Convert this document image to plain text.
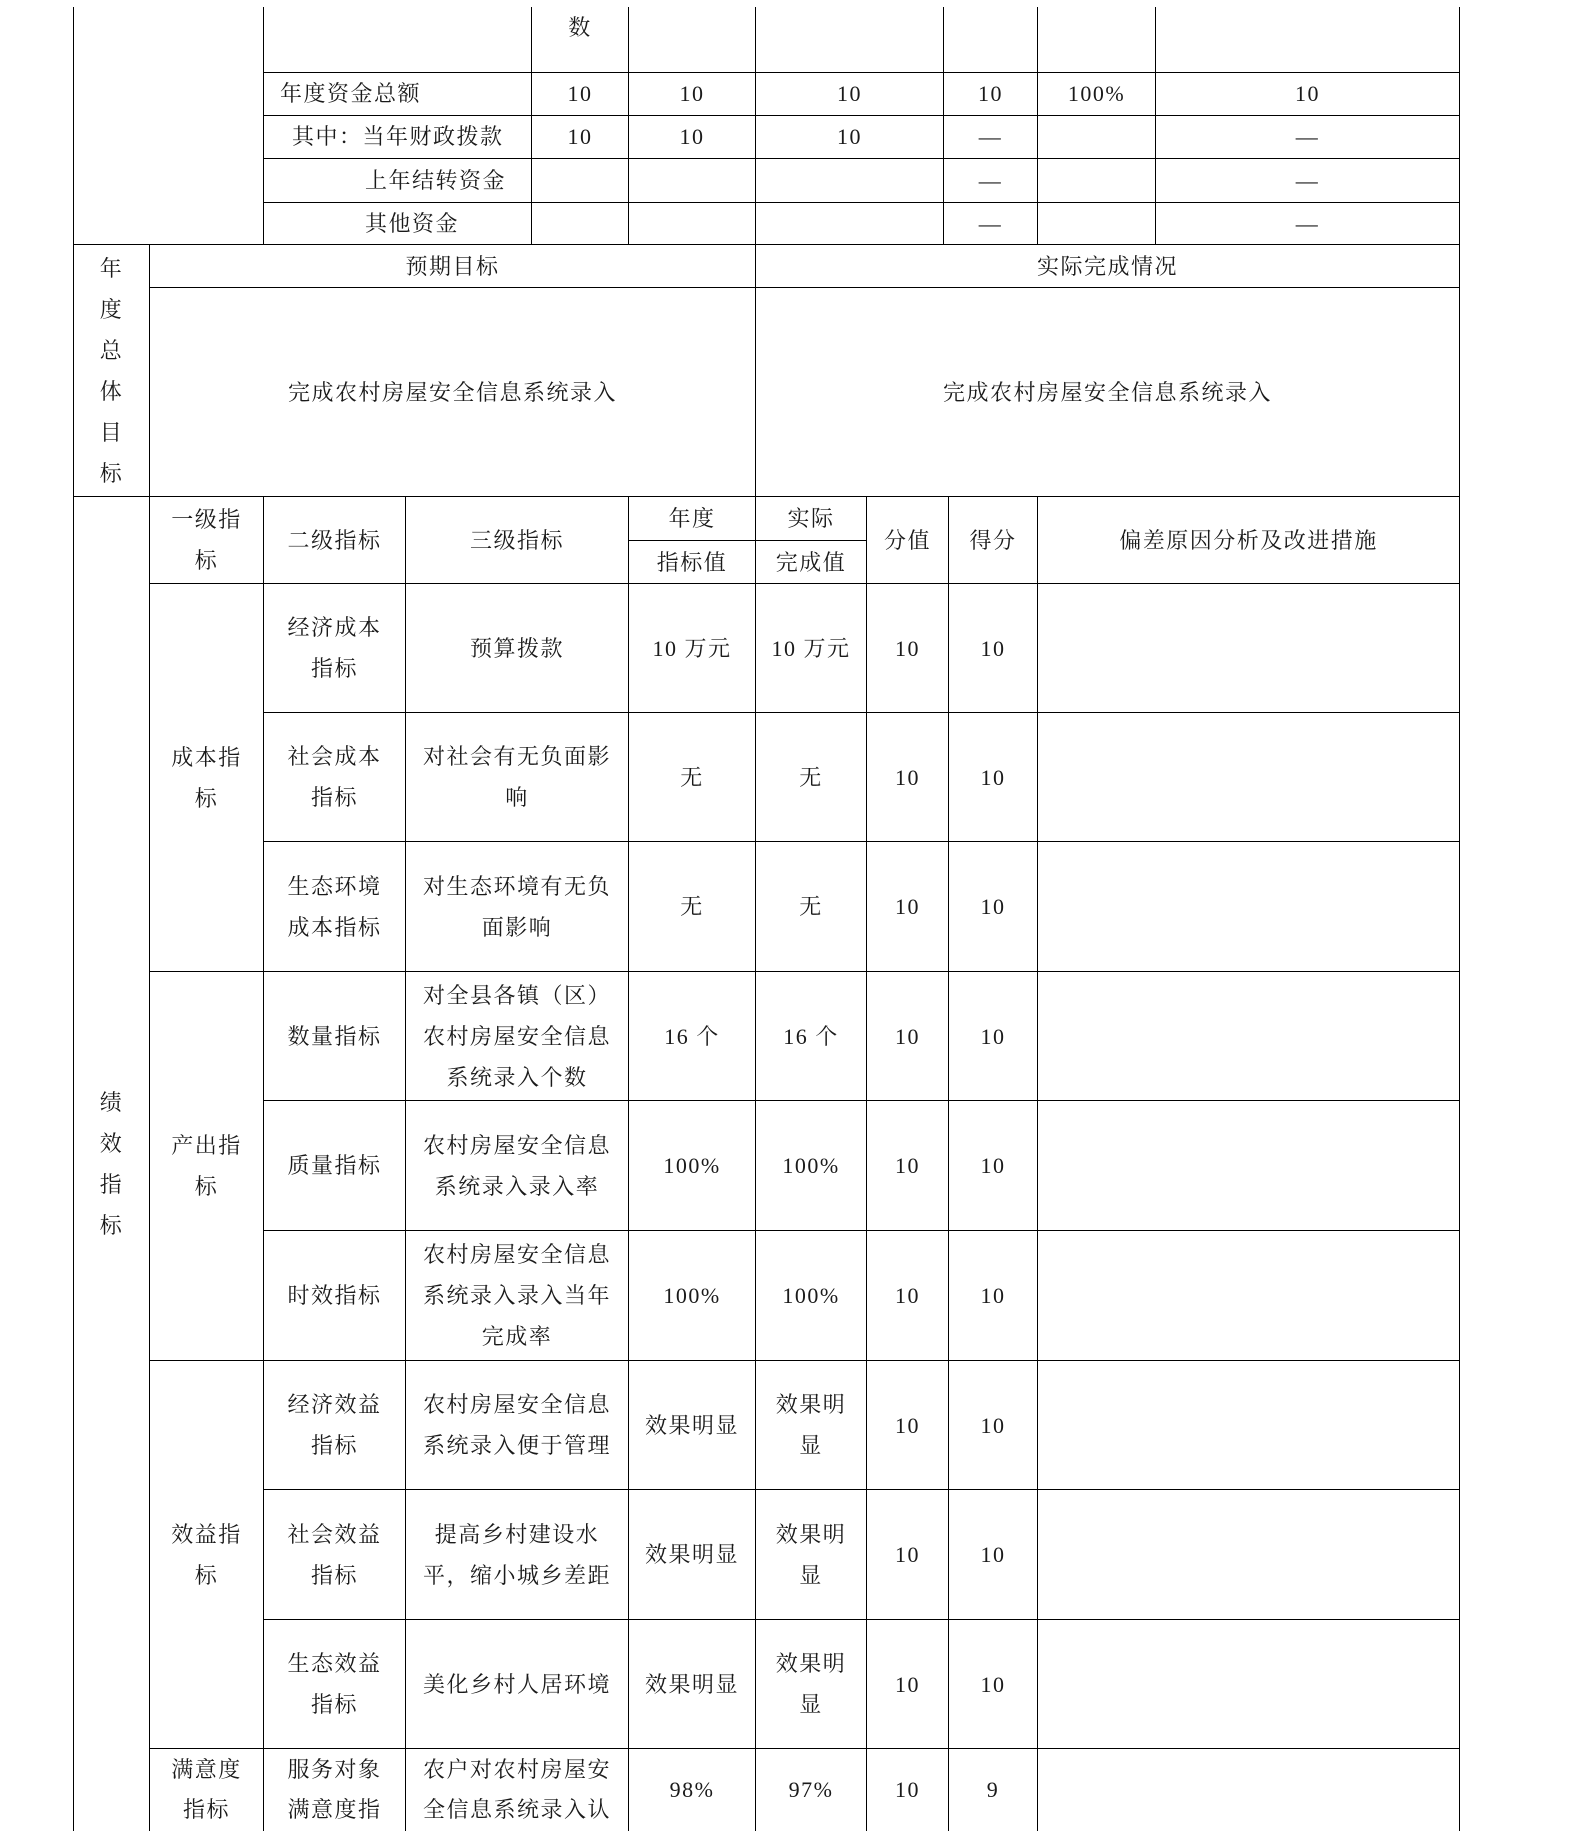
		数					
	年度资金总额	10	10	10	10	100%	10
	其中：当年财政拨款	10	10	10	—		—
	上年结转资金				—		—
	其他资金				—		—
年度总体目标	预期目标	实际完成情况
	完成农村房屋安全信息系统录入	完成农村房屋安全信息系统录入
绩效指标	一级指标	二级指标	三级指标	年度	实际	分值	得分	偏差原因分析及改进措施
				指标值	完成值			
	成本指标	经济成本指标	预算拨款	10 万元	10 万元	10	10	
		社会成本指标	对社会有无负面影响	无	无	10	10	
		生态环境成本指标	对生态环境有无负面影响	无	无	10	10	
	产出指标	数量指标	对全县各镇（区）农村房屋安全信息系统录入个数	16 个	16 个	10	10	
		质量指标	农村房屋安全信息系统录入录入率	100%	100%	10	10	
		时效指标	农村房屋安全信息系统录入录入当年完成率	100%	100%	10	10	
	效益指标	经济效益指标	农村房屋安全信息系统录入便于管理	效果明显	效果明显	10	10	
		社会效益指标	提高乡村建设水平，缩小城乡差距	效果明显	效果明显	10	10	
		生态效益指标	美化乡村人居环境	效果明显	效果明显	10	10	
	满意度指标	服务对象满意度指	农户对农村房屋安全信息系统录入认	98%	97%	10	9	
